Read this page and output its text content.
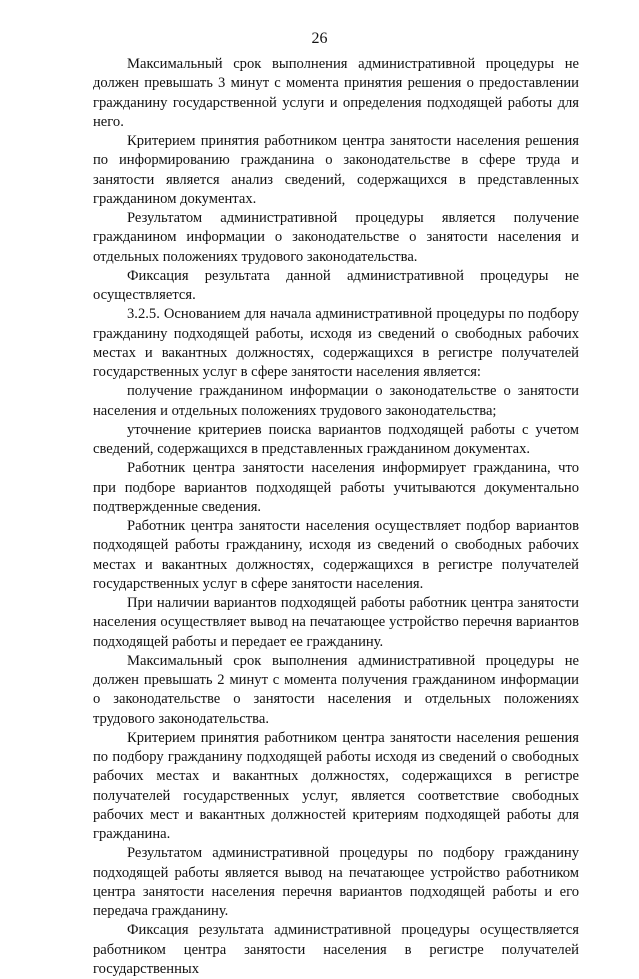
26

Максимальный срок выполнения административной процедуры не должен превышать 3 минут с момента принятия решения о предоставлении гражданину государственной услуги и определения подходящей работы для него.

Критерием принятия работником центра занятости населения решения по информированию гражданина о законодательстве в сфере труда и занятости является анализ сведений, содержащихся в представленных гражданином документах.

Результатом административной процедуры является получение гражданином информации о законодательстве о занятости населения и отдельных положениях трудового законодательства.

Фиксация результата данной административной процедуры не осуществляется.

3.2.5. Основанием для начала административной процедуры по подбору гражданину подходящей работы, исходя из сведений о свободных рабочих местах и вакантных должностях, содержащихся в регистре получателей государственных услуг в сфере занятости населения является:

получение гражданином информации о законодательстве о занятости населения и отдельных положениях трудового законодательства;

уточнение критериев поиска вариантов подходящей работы с учетом сведений, содержащихся в представленных гражданином документах.

Работник центра занятости населения информирует гражданина, что при подборе вариантов подходящей работы учитываются документально подтвержденные сведения.

Работник центра занятости населения осуществляет подбор вариантов подходящей работы гражданину, исходя из сведений о свободных рабочих местах и вакантных должностях, содержащихся в регистре получателей государственных услуг в сфере занятости населения.

При наличии вариантов подходящей работы работник центра занятости населения осуществляет вывод на печатающее устройство перечня вариантов подходящей работы и передает ее гражданину.

Максимальный срок выполнения административной процедуры не должен превышать 2 минут с момента получения гражданином информации о законодательстве о занятости населения и отдельных положениях трудового законодательства.

Критерием принятия работником центра занятости населения решения по подбору гражданину подходящей работы исходя из сведений о свободных рабочих местах и вакантных должностях, содержащихся в регистре получателей государственных услуг, является соответствие свободных рабочих мест и вакантных должностей критериям подходящей работы для гражданина.

Результатом административной процедуры по подбору гражданину подходящей работы является вывод на печатающее устройство работником центра занятости населения перечня вариантов подходящей работы и его передача гражданину.

Фиксация результата административной процедуры осуществляется работником центра занятости населения в регистре получателей государственных
